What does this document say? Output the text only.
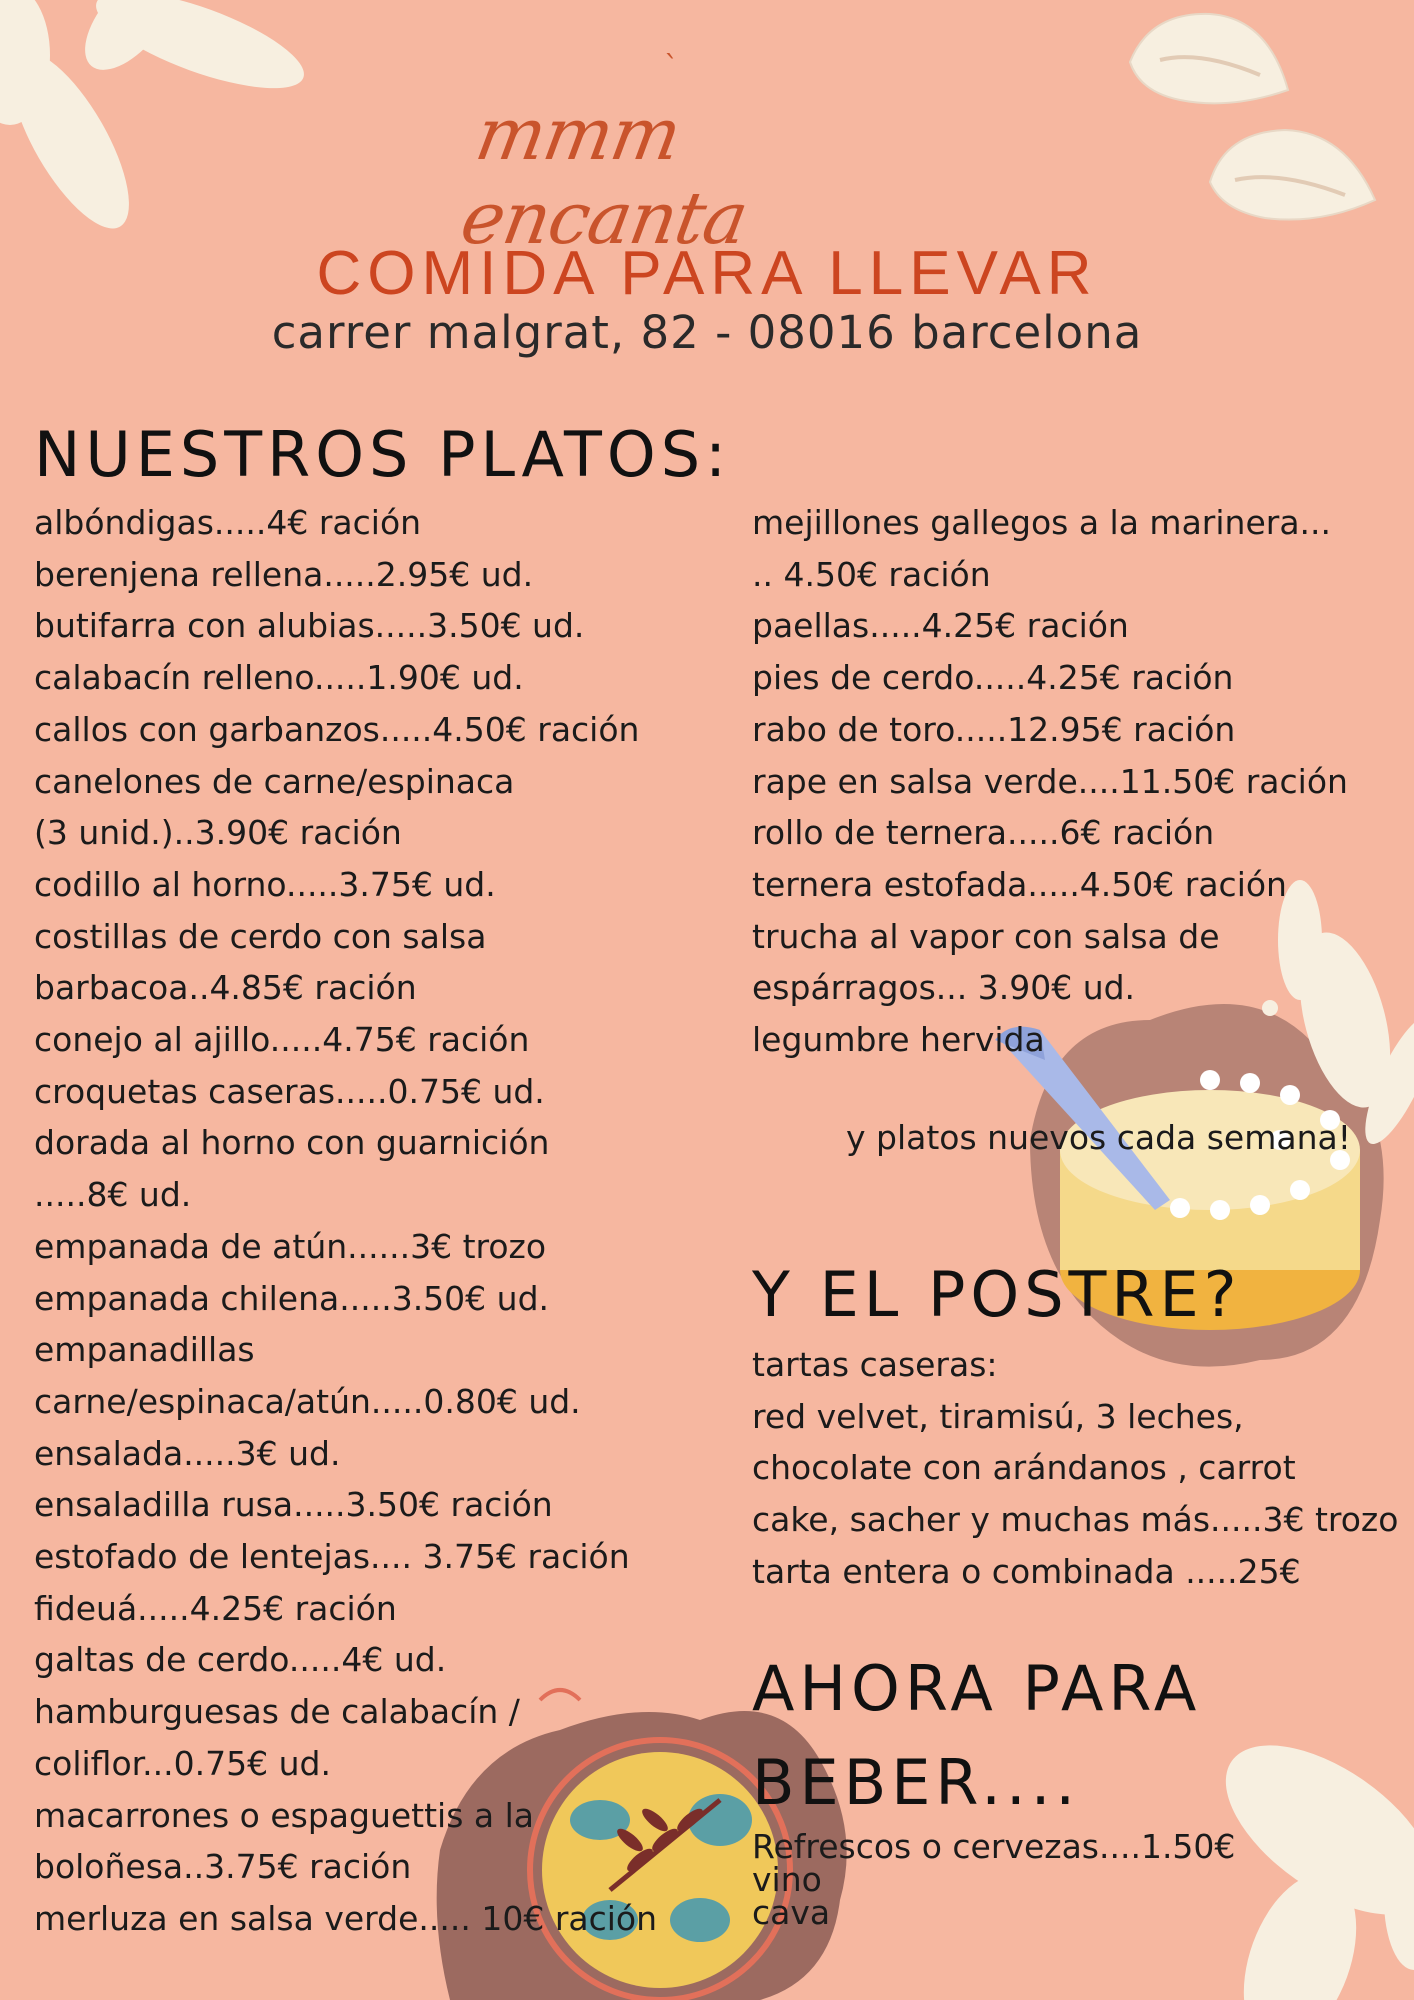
`
mmm encanta
COMIDA PARA LLEVAR
carrer malgrat, 82 - 08016 barcelona
NUESTROS PLATOS:
albóndigas.....4€ ración
berenjena rellena.....2.95€ ud.
butifarra con alubias.....3.50€ ud.
calabacín relleno.....1.90€ ud.
callos con garbanzos.....4.50€ ración
canelones de carne/espinaca
(3 unid.)..3.90€ ración
codillo al horno.....3.75€ ud.
costillas de cerdo con salsa
barbacoa..4.85€ ración
conejo al ajillo.....4.75€ ración
croquetas caseras.....0.75€ ud.
dorada al horno con guarnición
.....8€ ud.
empanada de atún......3€ trozo
empanada chilena.....3.50€ ud.
empanadillas
carne/espinaca/atún.....0.80€ ud.
ensalada.....3€ ud.
ensaladilla rusa.....3.50€ ración
estofado de lentejas.... 3.75€ ración
fideuá.....4.25€ ración
galtas de cerdo.....4€ ud.
hamburguesas de calabacín /
coliflor...0.75€ ud.
macarrones o espaguettis a la
boloñesa..3.75€ ración
merluza en salsa verde..... 10€ ración
mejillones gallegos a la marinera...
.. 4.50€ ración
paellas.....4.25€ ración
pies de cerdo.....4.25€ ración
rabo de toro.....12.95€ ración
rape en salsa verde....11.50€ ración
rollo de ternera.....6€ ración
ternera estofada.....4.50€ ración
trucha al vapor con salsa de
espárragos... 3.90€ ud.
legumbre hervida
y platos nuevos cada semana!
Y EL POSTRE?
tartas caseras:
red velvet, tiramisú, 3 leches,
chocolate con arándanos , carrot
cake, sacher y muchas más.....3€ trozo
tarta entera o combinada .....25€
AHORA PARA BEBER....
Refrescos o cervezas....1.50€
vino
cava
